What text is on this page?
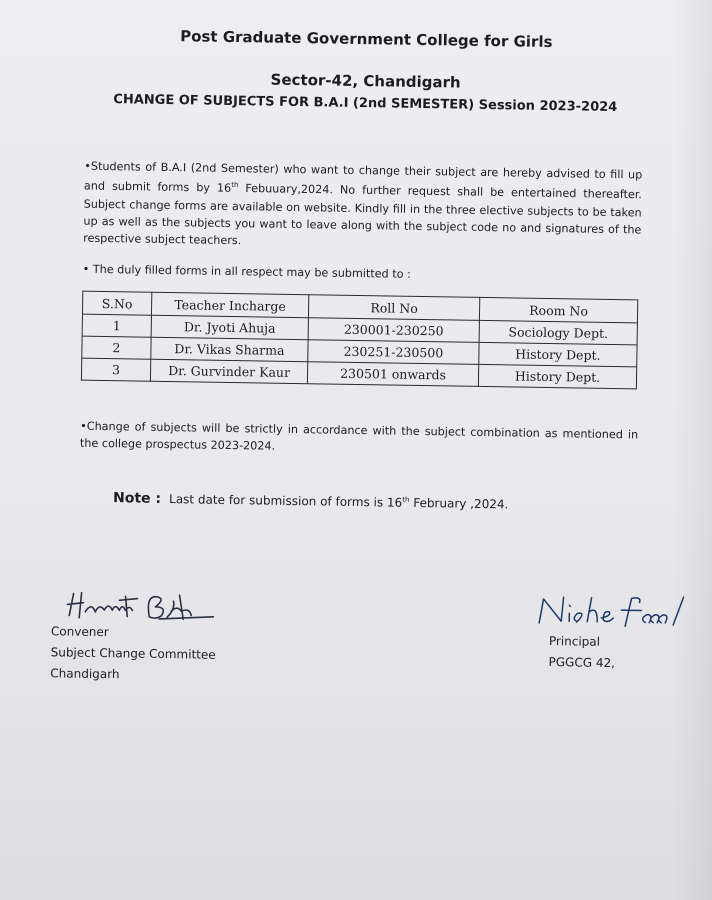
Post Graduate Government College for Girls
Sector-42, Chandigarh
CHANGE OF SUBJECTS FOR B.A.I (2nd SEMESTER) Session 2023-2024
•Students of B.A.I (2nd Semester) who want to change their subject are hereby advised to fill up and submit forms by 16th Febuuary,2024. No further request shall be entertained thereafter. Subject change forms are available on website. Kindly fill in the three elective subjects to be taken up as well as the subjects you want to leave along with the subject code no and signatures of the respective subject teachers.
• The duly filled forms in all respect may be submitted to :
S.No	Teacher Incharge	Roll No	Room No
1	Dr. Jyoti Ahuja	230001-230250	Sociology Dept.
2	Dr. Vikas Sharma	230251-230500	History Dept.
3	Dr. Gurvinder Kaur	230501 onwards	History Dept.
•Change of subjects will be strictly in accordance with the subject combination as mentioned in the college prospectus 2023-2024.
Note : Last date for submission of forms is 16th February ,2024.
Convener
Subject Change Committee
Chandigarh
Principal
PGGCG 42,
